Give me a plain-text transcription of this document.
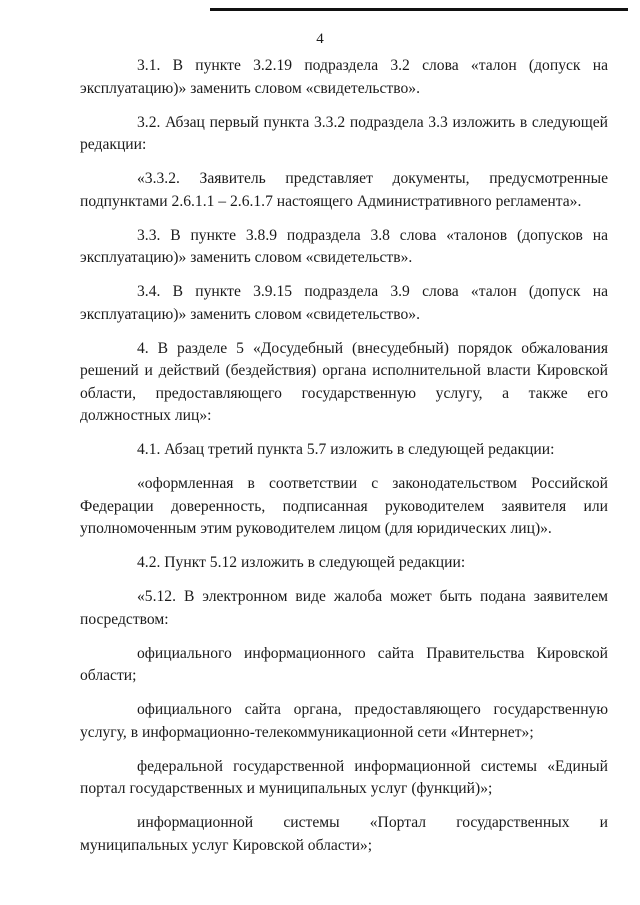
4

3.1. В пункте 3.2.19 подраздела 3.2 слова «талон (допуск на эксплуатацию)» заменить словом «свидетельство».

3.2. Абзац первый пункта 3.3.2 подраздела 3.3 изложить в следующей редакции:

«3.3.2. Заявитель представляет документы, предусмотренные подпунктами 2.6.1.1 – 2.6.1.7 настоящего Административного регламента».

3.3. В пункте 3.8.9 подраздела 3.8 слова «талонов (допусков на эксплуатацию)» заменить словом «свидетельств».

3.4. В пункте 3.9.15 подраздела 3.9 слова «талон (допуск на эксплуатацию)» заменить словом «свидетельство».

4. В разделе 5 «Досудебный (внесудебный) порядок обжалования решений и действий (бездействия) органа исполнительной власти Кировской области, предоставляющего государственную услугу, а также его должностных лиц»:

4.1. Абзац третий пункта 5.7 изложить в следующей редакции:

«оформленная в соответствии с законодательством Российской Федерации доверенность, подписанная руководителем заявителя или уполномоченным этим руководителем лицом (для юридических лиц)».

4.2. Пункт 5.12 изложить в следующей редакции:

«5.12. В электронном виде жалоба может быть подана заявителем посредством:

официального информационного сайта Правительства Кировской области;

официального сайта органа, предоставляющего государственную услугу, в информационно-телекоммуникационной сети «Интернет»;

федеральной государственной информационной системы «Единый портал государственных и муниципальных услуг (функций)»;

информационной системы «Портал государственных и муниципальных услуг Кировской области»;
